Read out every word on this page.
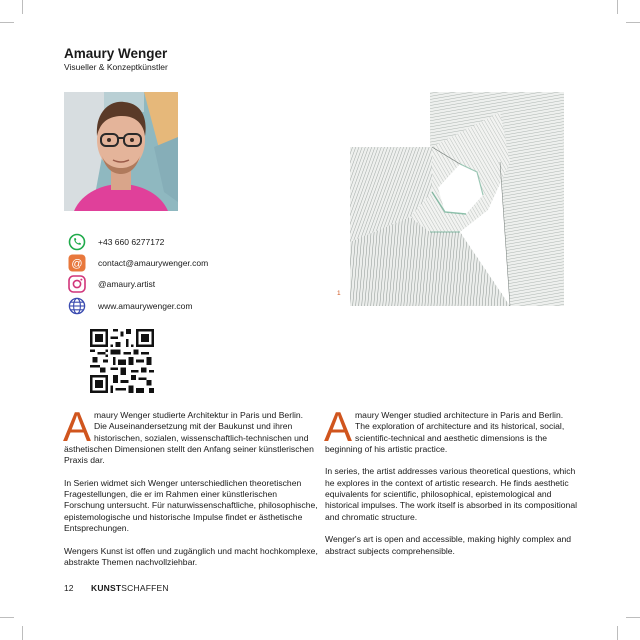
Amaury Wenger
Visueller & Konzeptkünstler
+43 660 6277172
@ contact@amaurywenger.com
@amaury.artist
www.amaurywenger.com
1

Amaury Wenger studierte Architektur in Paris und Berlin. Die Auseinandersetzung mit der Baukunst und ihren historischen, sozialen, wissenschaftlich-technischen und ästhetischen Dimensionen stellt den Anfang seiner künstlerischen Praxis dar.

In Serien widmet sich Wenger unterschiedlichen theoretischen Fragestellungen, die er im Rahmen einer künstlerischen Forschung untersucht. Für naturwissenschaftliche, philosophische, epistemologische und historische Impulse findet er ästhetische Entsprechungen.

Wengers Kunst ist offen und zugänglich und macht hochkomplexe, abstrakte Themen nachvollziehbar.

Amaury Wenger studied architecture in Paris and Berlin. The exploration of architecture and its historical, social, scientific-technical and aesthetic dimensions is the beginning of his artistic practice.

In series, the artist addresses various theoretical questions, which he explores in the context of artistic research. He finds aesthetic equivalents for scientific, philosophical, epistemological and historical impulses. The work itself is absorbed in its compositional and chromatic structure.

Wenger's art is open and accessible, making highly complex and abstract subjects comprehensible.

12 KUNSTSCHAFFEN
